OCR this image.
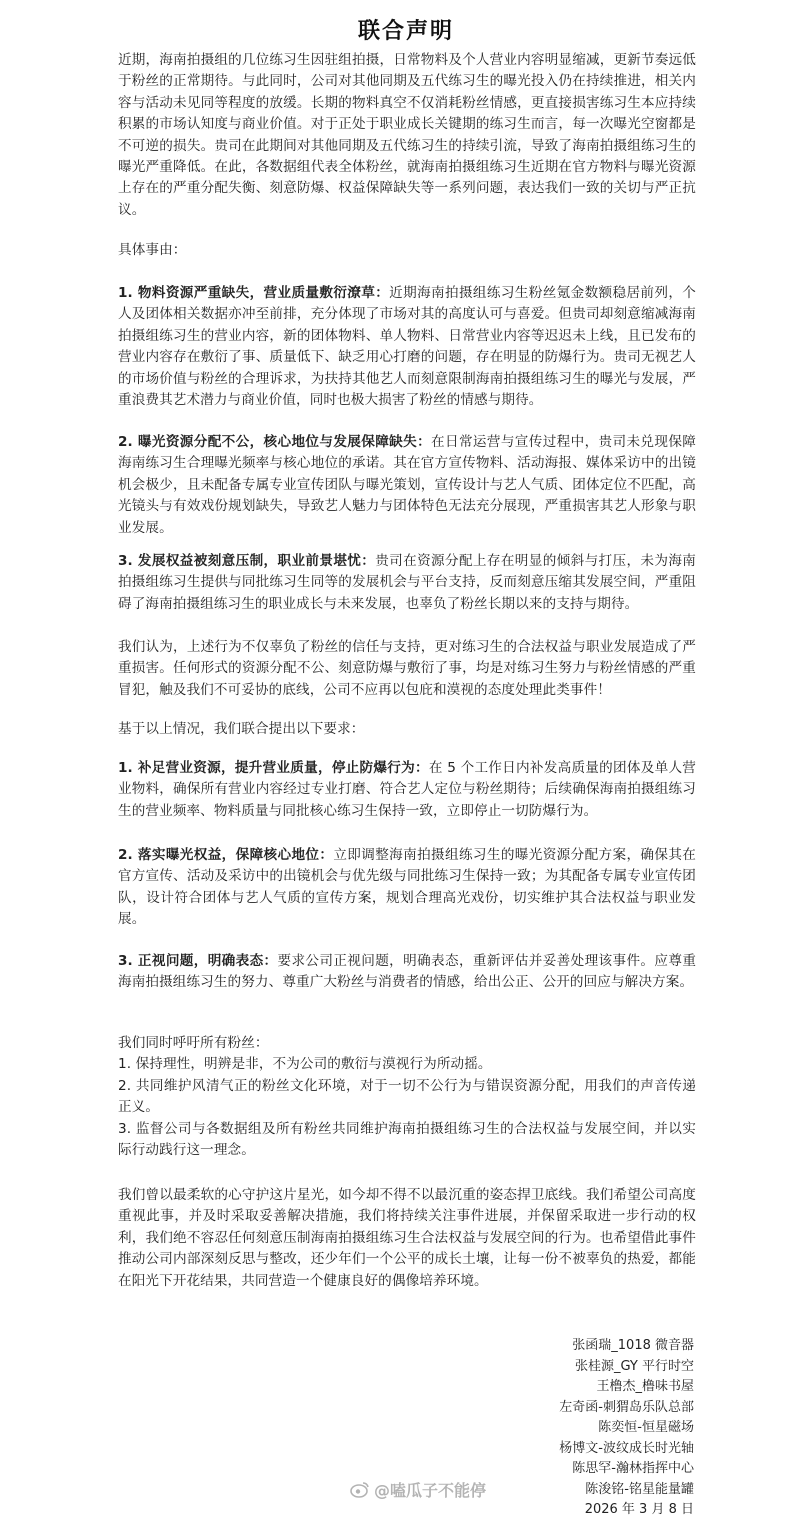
联合声明

近期，海南拍摄组的几位练习生因驻组拍摄，日常物料及个人营业内容明显缩减，更新节奏远低于粉丝的正常期待。与此同时，公司对其他同期及五代练习生的曝光投入仍在持续推进，相关内容与活动未见同等程度的放缓。长期的物料真空不仅消耗粉丝情感，更直接损害练习生本应持续积累的市场认知度与商业价值。对于正处于职业成长关键期的练习生而言，每一次曝光空窗都是不可逆的损失。贵司在此期间对其他同期及五代练习生的持续引流，导致了海南拍摄组练习生的曝光严重降低。在此，各数据组代表全体粉丝，就海南拍摄组练习生近期在官方物料与曝光资源上存在的严重分配失衡、刻意防爆、权益保障缺失等一系列问题，表达我们一致的关切与严正抗议。

具体事由：

1. 物料资源严重缺失，营业质量敷衍潦草：近期海南拍摄组练习生粉丝氪金数额稳居前列，个人及团体相关数据亦冲至前排，充分体现了市场对其的高度认可与喜爱。但贵司却刻意缩减海南拍摄组练习生的营业内容，新的团体物料、单人物料、日常营业内容等迟迟未上线，且已发布的营业内容存在敷衍了事、质量低下、缺乏用心打磨的问题，存在明显的防爆行为。贵司无视艺人的市场价值与粉丝的合理诉求，为扶持其他艺人而刻意限制海南拍摄组练习生的曝光与发展，严重浪费其艺术潜力与商业价值，同时也极大损害了粉丝的情感与期待。

2. 曝光资源分配不公，核心地位与发展保障缺失：在日常运营与宣传过程中，贵司未兑现保障海南练习生合理曝光频率与核心地位的承诺。其在官方宣传物料、活动海报、媒体采访中的出镜机会极少，且未配备专属专业宣传团队与曝光策划，宣传设计与艺人气质、团体定位不匹配，高光镜头与有效戏份规划缺失，导致艺人魅力与团体特色无法充分展现，严重损害其艺人形象与职业发展。

3. 发展权益被刻意压制，职业前景堪忧：贵司在资源分配上存在明显的倾斜与打压，未为海南拍摄组练习生提供与同批练习生同等的发展机会与平台支持，反而刻意压缩其发展空间，严重阻碍了海南拍摄组练习生的职业成长与未来发展，也辜负了粉丝长期以来的支持与期待。

我们认为，上述行为不仅辜负了粉丝的信任与支持，更对练习生的合法权益与职业发展造成了严重损害。任何形式的资源分配不公、刻意防爆与敷衍了事，均是对练习生努力与粉丝情感的严重冒犯，触及我们不可妥协的底线，公司不应再以包庇和漠视的态度处理此类事件！

基于以上情况，我们联合提出以下要求：

1. 补足营业资源，提升营业质量，停止防爆行为：在 5 个工作日内补发高质量的团体及单人营业物料，确保所有营业内容经过专业打磨、符合艺人定位与粉丝期待；后续确保海南拍摄组练习生的营业频率、物料质量与同批核心练习生保持一致，立即停止一切防爆行为。

2. 落实曝光权益，保障核心地位：立即调整海南拍摄组练习生的曝光资源分配方案，确保其在官方宣传、活动及采访中的出镜机会与优先级与同批练习生保持一致；为其配备专属专业宣传团队，设计符合团体与艺人气质的宣传方案，规划合理高光戏份，切实维护其合法权益与职业发展。

3. 正视问题，明确表态：要求公司正视问题，明确表态，重新评估并妥善处理该事件。应尊重海南拍摄组练习生的努力、尊重广大粉丝与消费者的情感，给出公正、公开的回应与解决方案。

我们同时呼吁所有粉丝：
1. 保持理性，明辨是非，不为公司的敷衍与漠视行为所动摇。
2. 共同维护风清气正的粉丝文化环境，对于一切不公行为与错误资源分配，用我们的声音传递正义。
3. 监督公司与各数据组及所有粉丝共同维护海南拍摄组练习生的合法权益与发展空间，并以实际行动践行这一理念。

我们曾以最柔软的心守护这片星光，如今却不得不以最沉重的姿态捍卫底线。我们希望公司高度重视此事，并及时采取妥善解决措施，我们将持续关注事件进展，并保留采取进一步行动的权利，我们绝不容忍任何刻意压制海南拍摄组练习生合法权益与发展空间的行为。也希望借此事件推动公司内部深刻反思与整改，还少年们一个公平的成长土壤，让每一份不被辜负的热爱，都能在阳光下开花结果，共同营造一个健康良好的偶像培养环境。

张函瑞_1018 微音器
张桂源_GY 平行时空
王橹杰_橹味书屋
左奇函-刺猬岛乐队总部
陈奕恒-恒星磁场
杨博文-波纹成长时光轴
陈思罕-瀚林指挥中心
陈浚铭-铭星能量罐
2026 年 3 月 8 日
@嗑瓜子不能停
